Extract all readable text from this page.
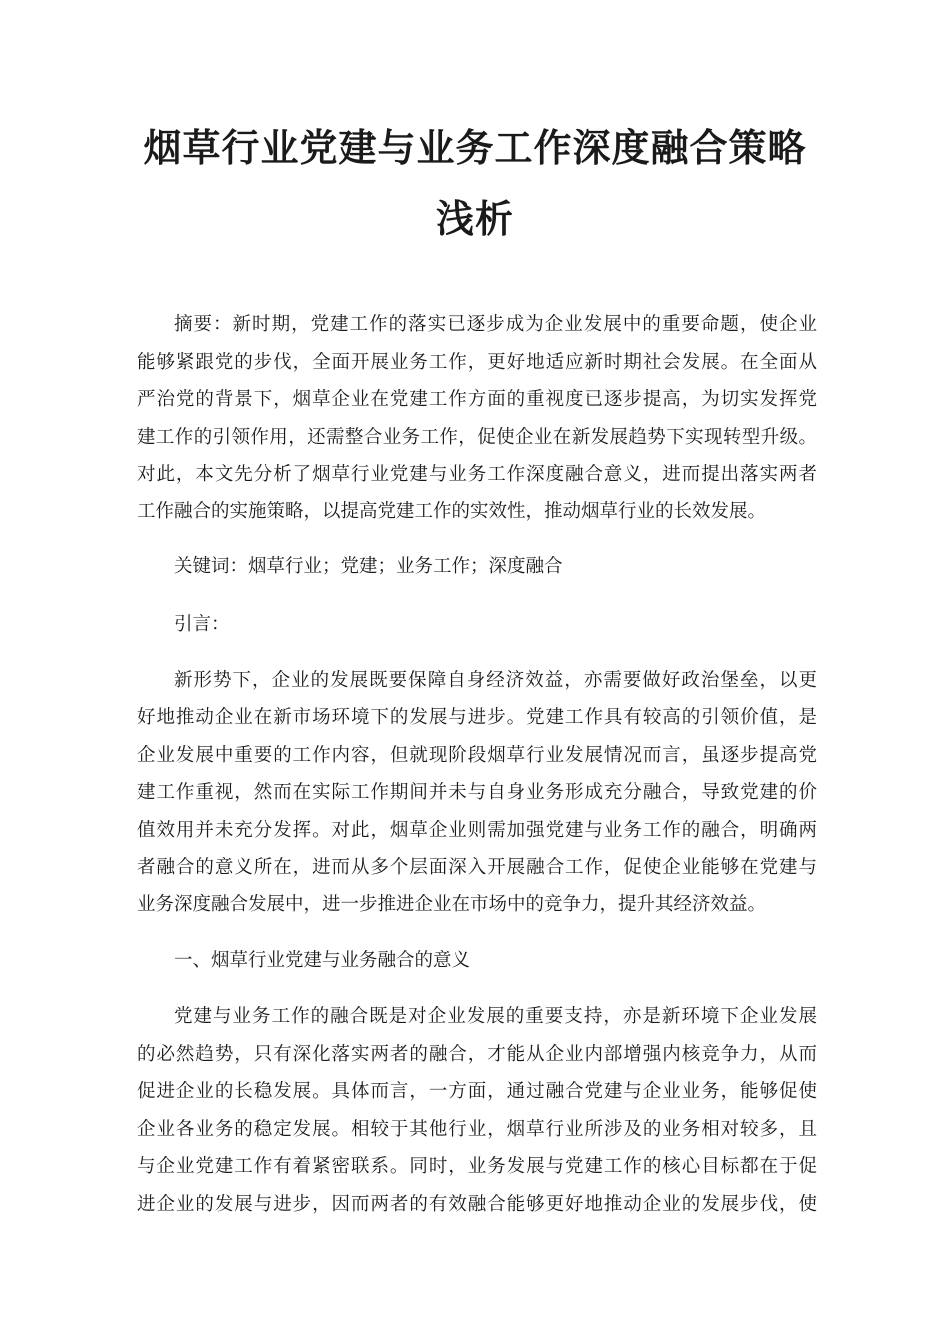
烟草行业党建与业务工作深度融合策略
浅析
摘要：新时期，党建工作的落实已逐步成为企业发展中的重要命题，使企业
能够紧跟党的步伐，全面开展业务工作，更好地适应新时期社会发展。在全面从
严治党的背景下，烟草企业在党建工作方面的重视度已逐步提高，为切实发挥党
建工作的引领作用，还需整合业务工作，促使企业在新发展趋势下实现转型升级。
对此，本文先分析了烟草行业党建与业务工作深度融合意义，进而提出落实两者
工作融合的实施策略，以提高党建工作的实效性，推动烟草行业的长效发展。
关键词：烟草行业；党建；业务工作；深度融合
引言：
新形势下，企业的发展既要保障自身经济效益，亦需要做好政治堡垒，以更
好地推动企业在新市场环境下的发展与进步。党建工作具有较高的引领价值，是
企业发展中重要的工作内容，但就现阶段烟草行业发展情况而言，虽逐步提高党
建工作重视，然而在实际工作期间并未与自身业务形成充分融合，导致党建的价
值效用并未充分发挥。对此，烟草企业则需加强党建与业务工作的融合，明确两
者融合的意义所在，进而从多个层面深入开展融合工作，促使企业能够在党建与
业务深度融合发展中，进一步推进企业在市场中的竞争力，提升其经济效益。
一、烟草行业党建与业务融合的意义
党建与业务工作的融合既是对企业发展的重要支持，亦是新环境下企业发展
的必然趋势，只有深化落实两者的融合，才能从企业内部增强内核竞争力，从而
促进企业的长稳发展。具体而言，一方面，通过融合党建与企业业务，能够促使
企业各业务的稳定发展。相较于其他行业，烟草行业所涉及的业务相对较多，且
与企业党建工作有着紧密联系。同时，业务发展与党建工作的核心目标都在于促
进企业的发展与进步，因而两者的有效融合能够更好地推动企业的发展步伐，使
